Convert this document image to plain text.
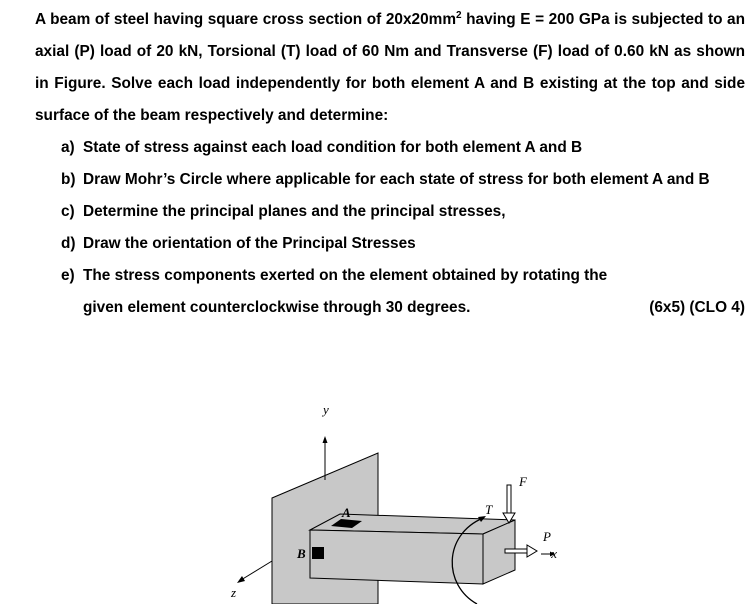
A beam of steel having square cross section of $20x20mm^2$ having E = 200 GPa is subjected to an axial (P) load of 20 kN, Torsional (T) load of 60 Nm and Transverse (F) load of 0.60 kN as shown in Figure. Solve each load independently for both element A and B existing at the top and side surface of the beam respectively and determine:

a) State of stress against each load condition for both element A and B
b) Draw Mohr’s Circle where applicable for each state of stress for both element A and B
c) Determine the principal planes and the principal stresses,
d) Draw the orientation of the Principal Stresses
e) The stress components exerted on the element obtained by rotating the
given element counterclockwise through 30 degrees.	(6x5) (CLO 4)
y
A
B
F
T
P
x
z
